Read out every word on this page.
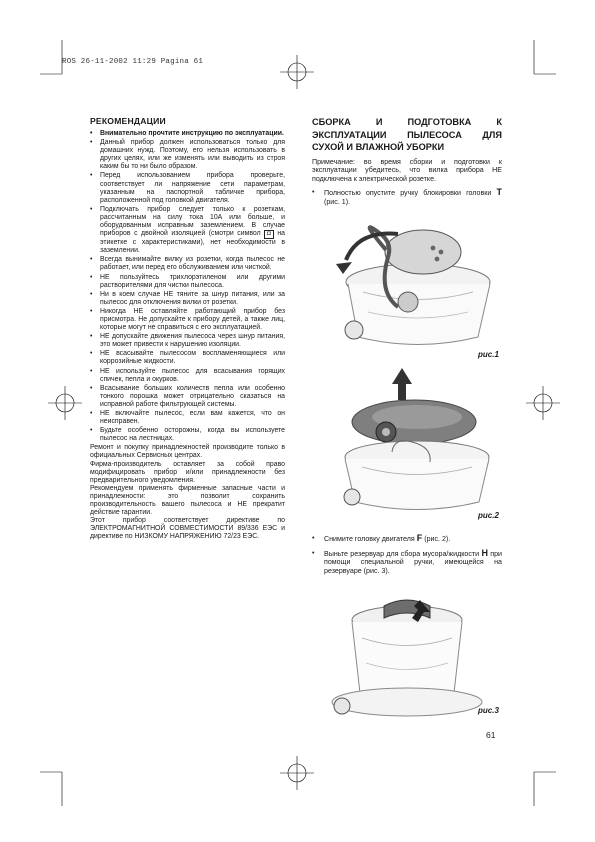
ROS 26-11-2002 11:29 Pagina 61
РЕКОМЕНДАЦИИ
• Внимательно прочтите инструкцию по эксплуатации.
• Данный прибор должен использоваться только для домашних нужд. Поэтому, его нельзя использовать в других целях, или же изменять или выводить из строя каким бы то ни было образом.
• Перед использованием прибора проверьте, соответствует ли напряжение сети параметрам, указанным на паспортной табличке прибора, расположенной под головкой двигателя.
• Подключать прибор следует только к розеткам, рассчитанным на силу тока 10А или больше, и оборудованным исправным заземлением. В случае приборов с двойной изоляцией (смотри символ ◘ на этикетке с характеристиками), нет необходимости в заземлении.
• Всегда вынимайте вилку из розетки, когда пылесос не работает, или перед его обслуживанием или чисткой.
• НЕ пользуйтесь трихлорэтиленом или другими растворителями для чистки пылесоса.
• Ни в коем случае НЕ тяните за шнур питания, или за пылесос для отключения вилки от розетки.
• Никогда НЕ оставляйте работающий прибор без присмотра. Не допускайте к прибору детей, а также лиц, которые могут не справиться с его эксплуатацией.
• НЕ допускайте движения пылесоса через шнур питания, это может привести к нарушению изоляции.
• НЕ всасывайте пылесосом воспламеняющиеся или коррозийные жидкости.
• НЕ используйте пылесос для всасывания горящих спичек, пепла и окурков.
• Всасывание больших количеств пепла или особенно тонкого порошка может отрицательно сказаться на исправной работе фильтрующей системы.
• НЕ включайте пылесос, если вам кажется, что он неисправен.
• Будьте особенно осторожны, когда вы используете пылесос на лестницах.
Ремонт и покупку принадлежностей производите только в официальных Сервисных центрах.
Фирма-производитель оставляет за собой право модифицировать прибор и/или принадлежности без предварительного уведомления.
Рекомендуем применять фирменные запасные части и принадлежности: это позволит сохранить производительность вашего пылесоса и НЕ прекратит действие гарантии.
Этот прибор соответствует директиве по ЭЛЕКТРОМАГНИТНОЙ СОВМЕСТИМОСТИ 89/336 ЕЭС и директиве по НИЗКОМУ НАПРЯЖЕНИЮ 72/23 ЕЭС.
СБОРКА	И	ПОДГОТОВКА	К
ЭКСПЛУАТАЦИИ ПЫЛЕСОСА ДЛЯ
СУХОЙ И ВЛАЖНОЙ УБОРКИ

Примечание: во время сборки и подготовки к эксплуатации убедитесь, что вилка прибора НЕ подключена к электрической розетке.

• Полностью опустите ручку блокировки головки T (рис. 1).
рис.1
рис.2
• Снимите головку двигателя F (рис. 2).
• Выньте резервуар для сбора мусора/жидкости H при помощи специальной ручки, имеющейся на резервуаре (рис. 3).
рис.3
61
